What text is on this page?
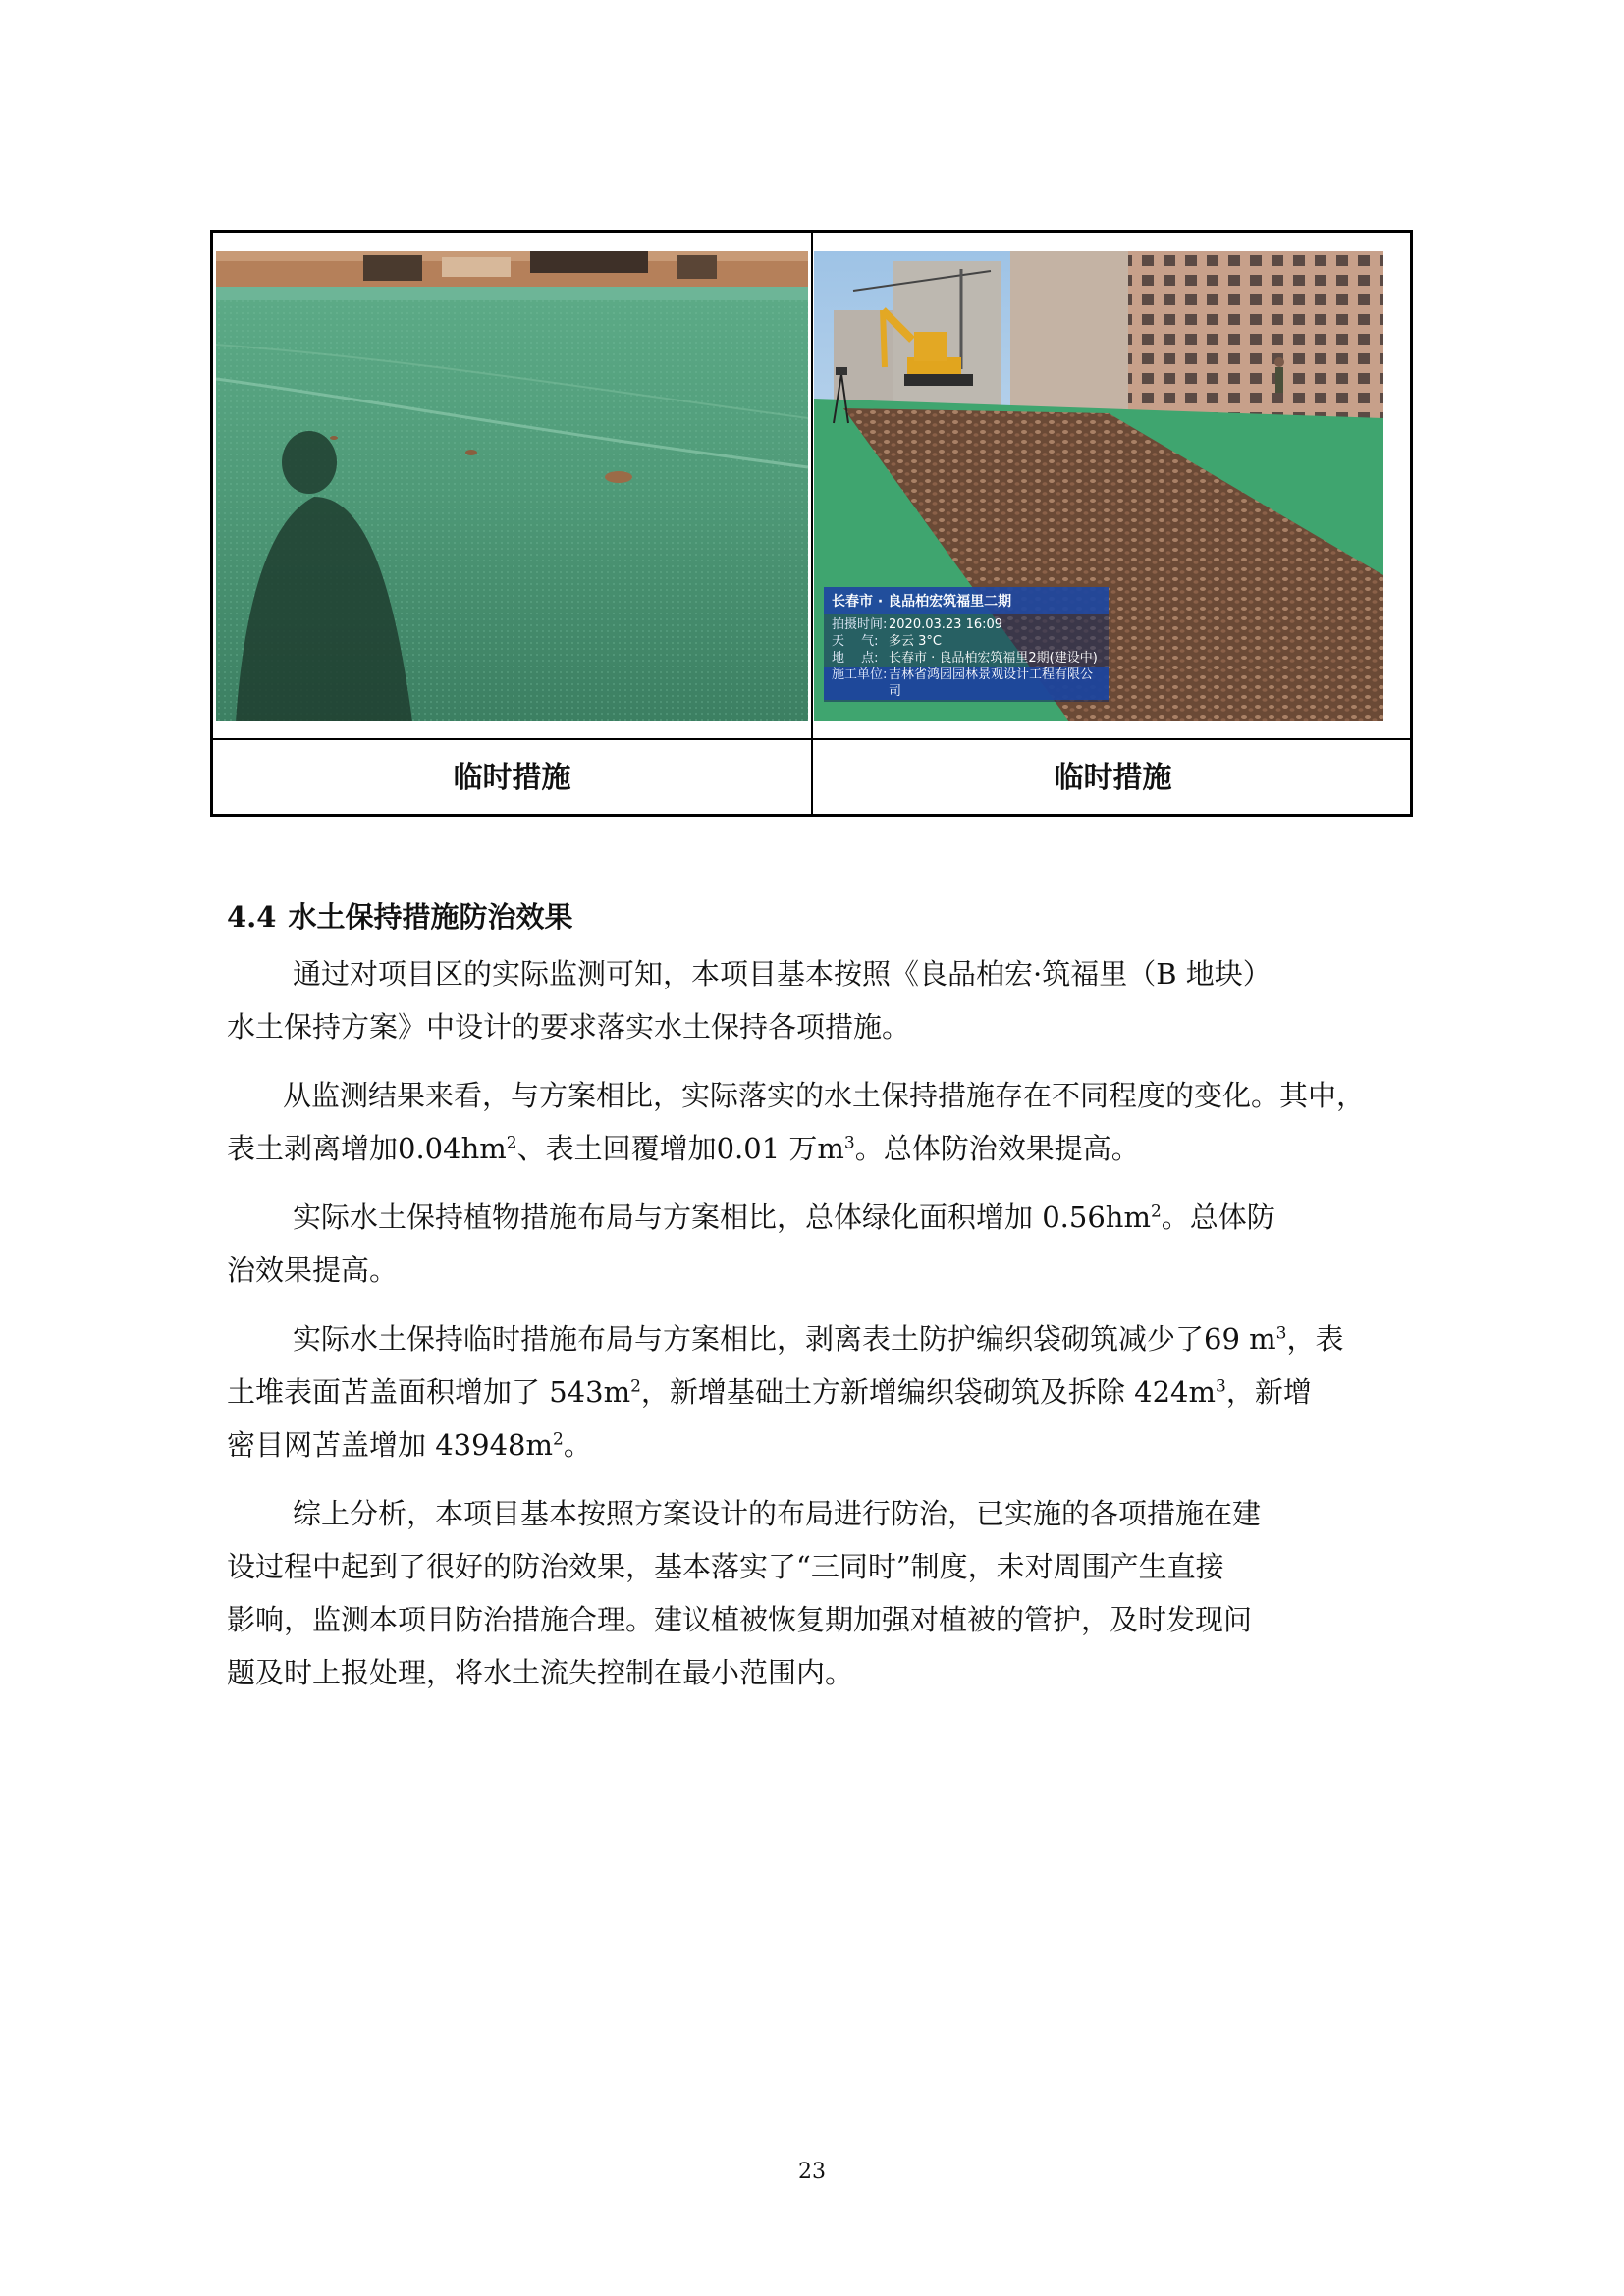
长春市 · 良品柏宏筑福里二期
拍摄时间: 2020.03.23 16:09
天　 气: 多云 3°C
地　 点: 长春市 · 良品柏宏筑福里2期(建设中)
施工单位: 吉林省鸿园园林景观设计工程有限公司
临时措施	临时措施
4.4 水土保持措施防治效果
通过对项目区的实际监测可知，本项目基本按照《良品柏宏·筑福里（B 地块）
水土保持方案》中设计的要求落实水土保持各项措施。
从监测结果来看，与方案相比，实际落实的水土保持措施存在不同程度的变化。其中，
表土剥离增加$0.04hm^2$、表土回覆增加0.01 万$m^3$。总体防治效果提高。
实际水土保持植物措施布局与方案相比，总体绿化面积增加 $0.56hm^2$。总体防
治效果提高。
实际水土保持临时措施布局与方案相比，剥离表土防护编织袋砌筑减少了69 $m^3$，表
土堆表面苫盖面积增加了 $543m^2$，新增基础土方新增编织袋砌筑及拆除 $424m^3$，新增
密目网苫盖增加 $43948m^2$。
综上分析，本项目基本按照方案设计的布局进行防治，已实施的各项措施在建
设过程中起到了很好的防治效果，基本落实了“三同时”制度，未对周围产生直接
影响，监测本项目防治措施合理。建议植被恢复期加强对植被的管护，及时发现问
题及时上报处理，将水土流失控制在最小范围内。
23
